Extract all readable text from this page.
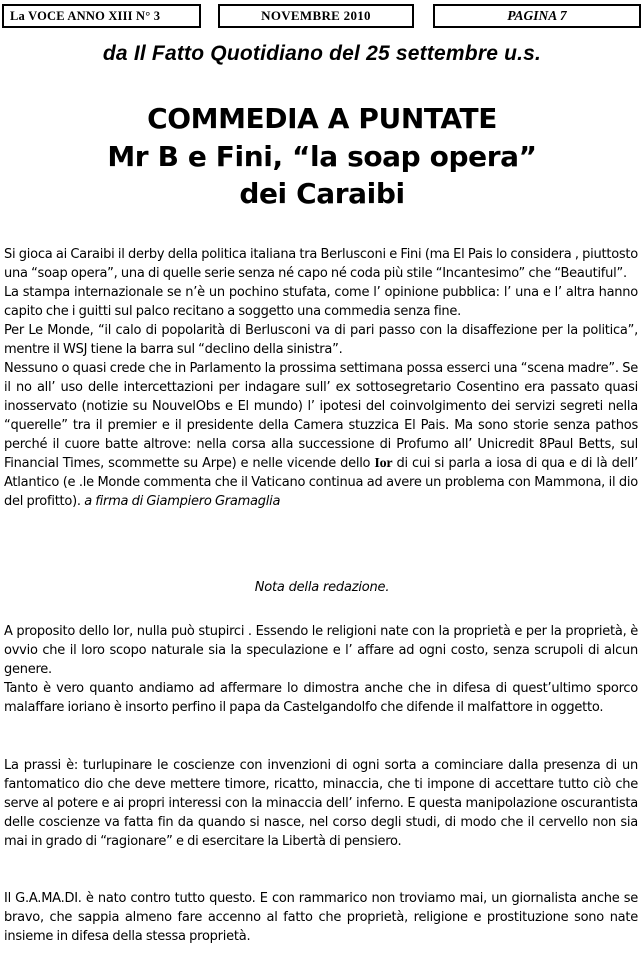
La VOCE ANNO XIII N° 3	NOVEMBRE 2010	PAGINA 7
da Il Fatto Quotidiano del 25 settembre u.s.
COMMEDIA A PUNTATE
Mr B e Fini, “la soap opera”
dei Caraibi

Si gioca ai Caraibi il derby della politica italiana tra Berlusconi e Fini (ma El Pais lo considera , piuttosto una “soap opera”, una di quelle serie senza né capo né coda più stile “Incantesimo” che “Beautiful”.

La stampa internazionale se n’è un pochino stufata, come l’ opinione pubblica: l’ una e l’ altra hanno capito che i guitti sul palco recitano a soggetto una commedia senza fine.

Per Le Monde, “il calo di popolarità di Berlusconi va di pari passo con la disaffezione per la politica”, mentre il WSJ tiene la barra sul “declino della sinistra”.

Nessuno o quasi crede che in Parlamento la prossima settimana possa esserci una “scena madre”. Se il no all’ uso delle intercettazioni per indagare sull’ ex sottosegretario Cosentino era passato quasi inosservato (notizie su NouvelObs e El mundo) l’ ipotesi del coinvolgimento dei servizi segreti nella “querelle” tra il premier e il presidente della Camera stuzzica El Pais. Ma sono storie senza pathos perché il cuore batte altrove: nella corsa alla successione di Profumo all’ Unicredit 8Paul Betts, sul Financial Times, scommette su Arpe) e nelle vicende dello Ior di cui si parla a iosa di qua e di là dell’ Atlantico (e .le Monde commenta che il Vaticano continua ad avere un problema con Mammona, il dio del profitto). a firma di Giampiero Gramaglia

Nota della redazione.

A proposito dello Ior, nulla può stupirci . Essendo le religioni nate con la proprietà e per la proprietà, è ovvio che il loro scopo naturale sia la speculazione e l’ affare ad ogni costo, senza scrupoli di alcun genere.

Tanto è vero quanto andiamo ad affermare lo dimostra anche che in difesa di quest’ultimo sporco malaffare ioriano è insorto perfino il papa da Castelgandolfo che difende il malfattore in oggetto.

La prassi è: turlupinare le coscienze con invenzioni di ogni sorta a cominciare dalla presenza di un fantomatico dio che deve mettere timore, ricatto, minaccia, che ti impone di accettare tutto ciò che serve al potere e ai propri interessi con la minaccia dell’ inferno. E questa manipolazione oscurantista delle coscienze va fatta fin da quando si nasce, nel corso degli studi, di modo che il cervello non sia mai in grado di “ragionare” e di esercitare la Libertà di pensiero.

Il G.A.MA.DI. è nato contro tutto questo. E con rammarico non troviamo mai, un giornalista anche se bravo, che sappia almeno fare accenno al fatto che proprietà, religione e prostituzione sono nate insieme in difesa della stessa proprietà.
